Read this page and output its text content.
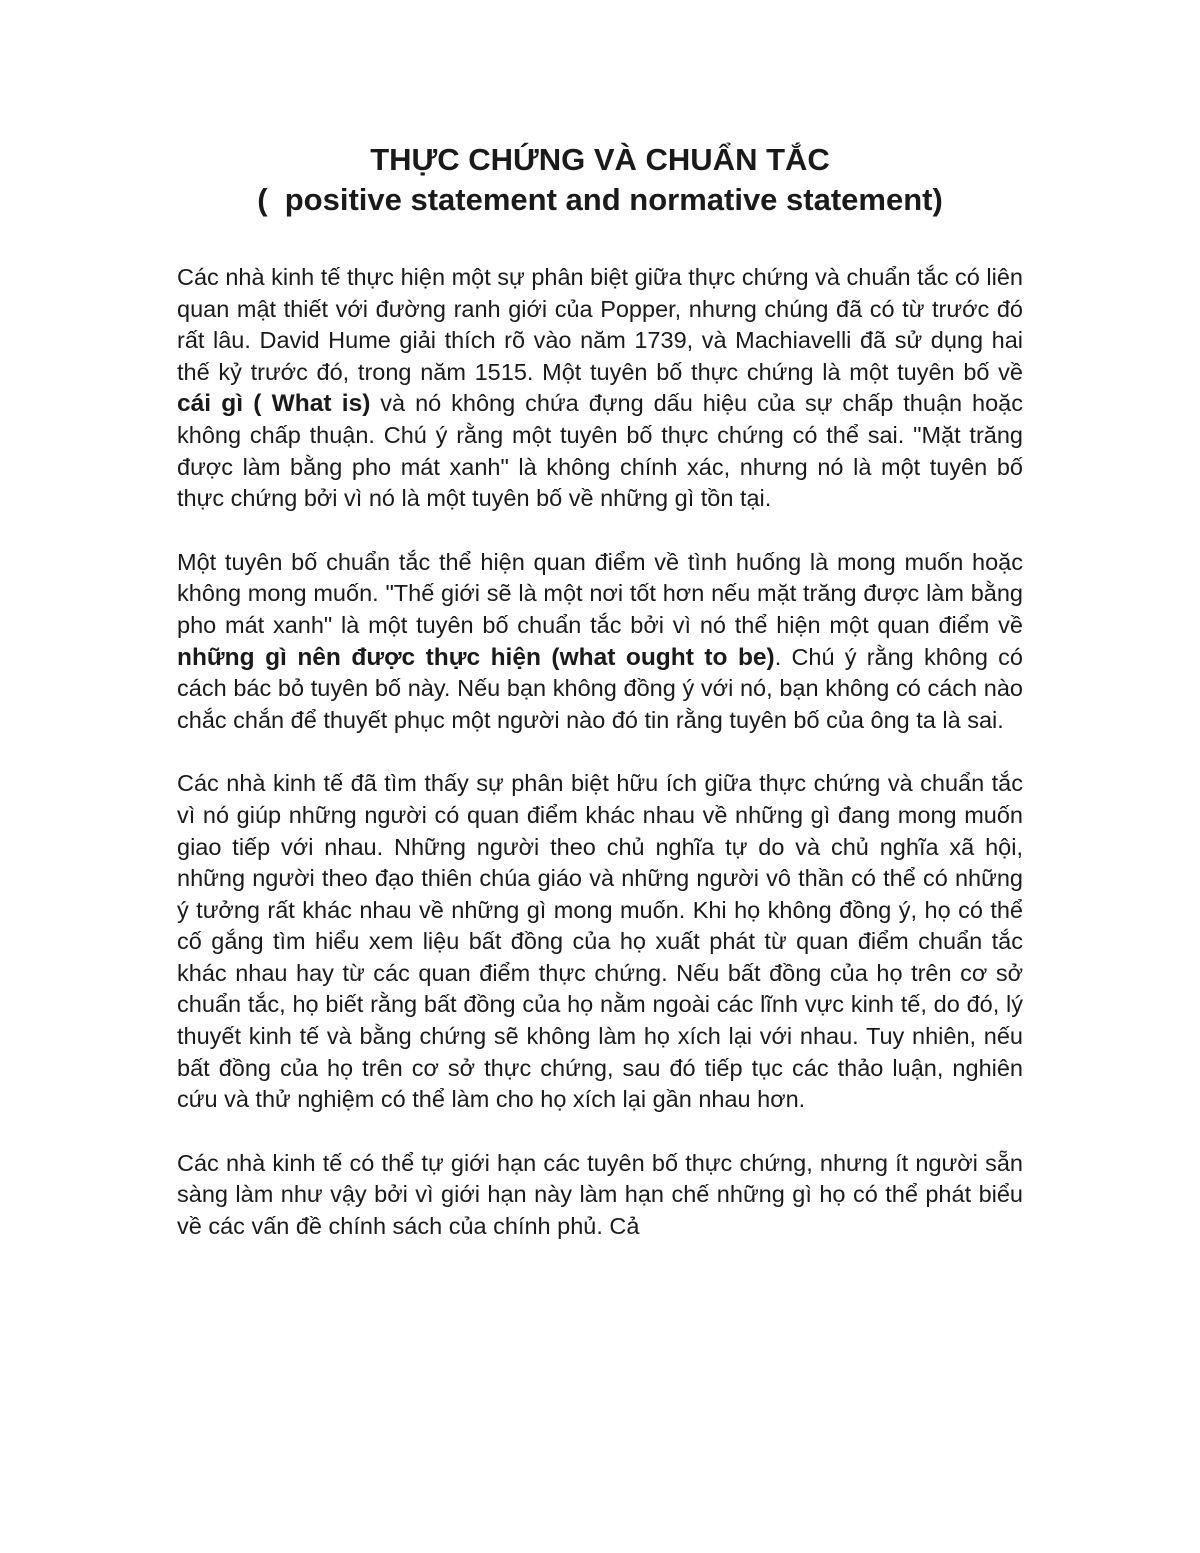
THỰC CHỨNG VÀ CHUẨN TẮC

(  positive statement and normative statement)

Các nhà kinh tế thực hiện một sự phân biệt giữa thực chứng và chuẩn tắc có liên quan mật thiết với đường ranh giới của Popper, nhưng chúng đã có từ trước đó rất lâu. David Hume giải thích rõ vào năm 1739, và Machiavelli đã sử dụng hai thế kỷ trước đó, trong năm 1515. Một tuyên bố thực chứng là một tuyên bố về cái gì ( What is) và nó không chứa đựng dấu hiệu của sự chấp thuận hoặc không chấp thuận. Chú ý rằng một tuyên bố thực chứng có thể sai. "Mặt trăng được làm bằng pho mát xanh" là không chính xác, nhưng nó là một tuyên bố thực chứng bởi vì nó là một tuyên bố về những gì tồn tại.

Một tuyên bố chuẩn tắc thể hiện quan điểm về tình huống là mong muốn hoặc không mong muốn. "Thế giới sẽ là một nơi tốt hơn nếu mặt trăng được làm bằng pho mát xanh" là một tuyên bố chuẩn tắc bởi vì nó thể hiện một quan điểm về những gì nên được thực hiện (what ought to be). Chú ý rằng không có cách bác bỏ tuyên bố này. Nếu bạn không đồng ý với nó, bạn không có cách nào chắc chắn để thuyết phục một người nào đó tin rằng tuyên bố của ông ta là sai.

Các nhà kinh tế đã tìm thấy sự phân biệt hữu ích giữa thực chứng và chuẩn tắc vì nó giúp những người có quan điểm khác nhau về những gì đang mong muốn giao tiếp với nhau. Những người theo chủ nghĩa tự do và chủ nghĩa xã hội, những người theo đạo thiên chúa giáo và những người vô thần có thể có những ý tưởng rất khác nhau về những gì mong muốn. Khi họ không đồng ý, họ có thể cố gắng tìm hiểu xem liệu bất đồng của họ xuất phát từ quan điểm chuẩn tắc khác nhau hay từ các quan điểm thực chứng. Nếu bất đồng của họ trên cơ sở chuẩn tắc, họ biết rằng bất đồng của họ nằm ngoài các lĩnh vực kinh tế, do đó, lý thuyết kinh tế và bằng chứng sẽ không làm họ xích lại với nhau. Tuy nhiên, nếu bất đồng của họ trên cơ sở thực chứng, sau đó tiếp tục các thảo luận, nghiên cứu và thử nghiệm có thể làm cho họ xích lại gần nhau hơn.

Các nhà kinh tế có thể tự giới hạn các tuyên bố thực chứng, nhưng ít người sẵn sàng làm như vậy bởi vì giới hạn này làm hạn chế những gì họ có thể phát biểu về các vấn đề chính sách của chính phủ. Cả
